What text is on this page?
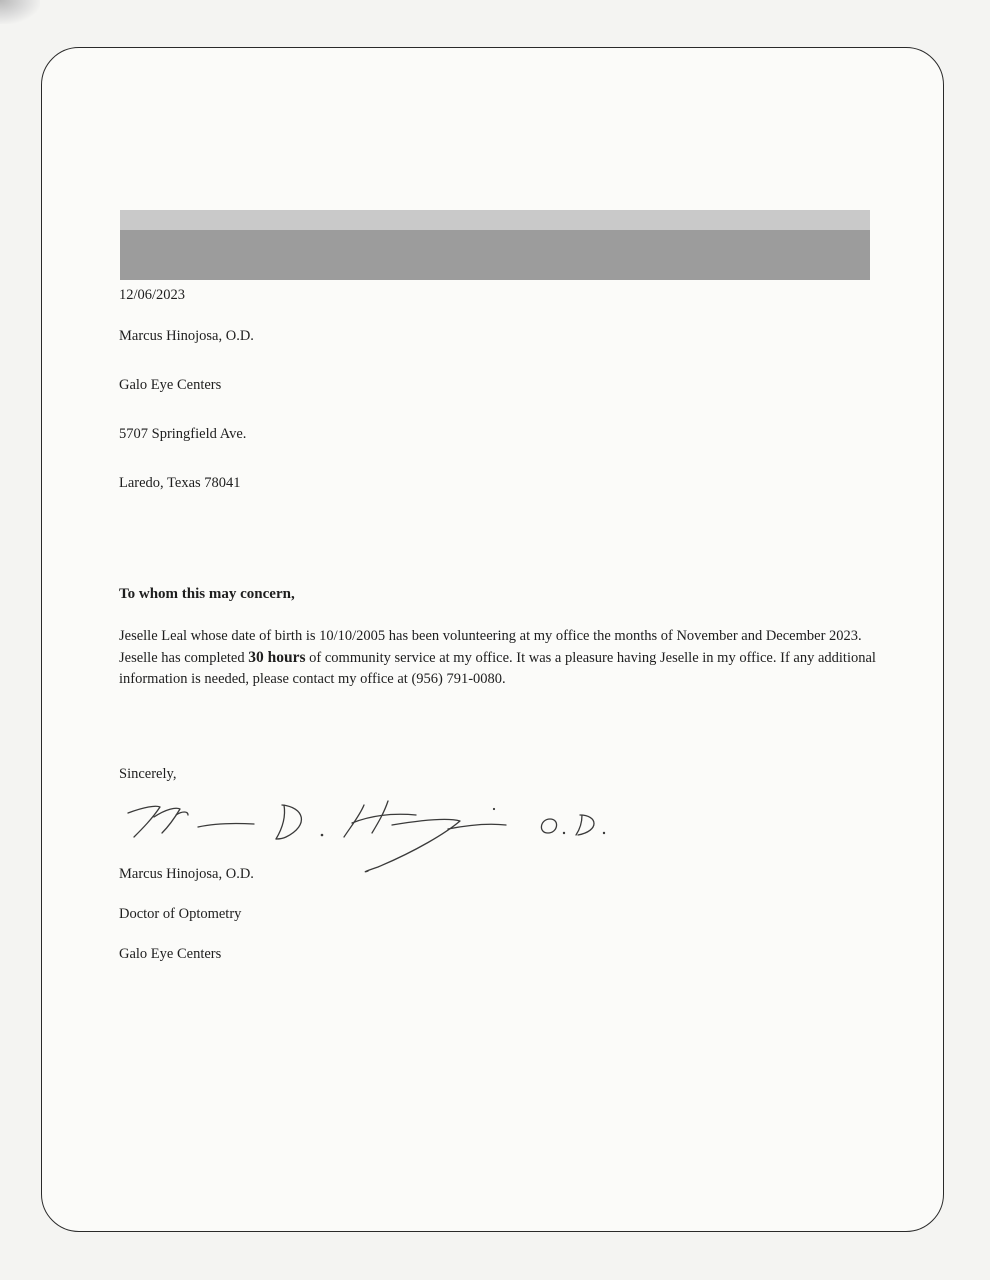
12/06/2023
Marcus Hinojosa, O.D.
Galo Eye Centers
5707 Springfield Ave.
Laredo, Texas 78041
To whom this may concern,
Jeselle Leal whose date of birth is 10/10/2005 has been volunteering at my office the months of November and December 2023. Jeselle has completed 30 hours of community service at my office. It was a pleasure having Jeselle in my office. If any additional information is needed, please contact my office at (956) 791-0080.
Sincerely,
Marcus Hinojosa, O.D.
Doctor of Optometry
Galo Eye Centers
